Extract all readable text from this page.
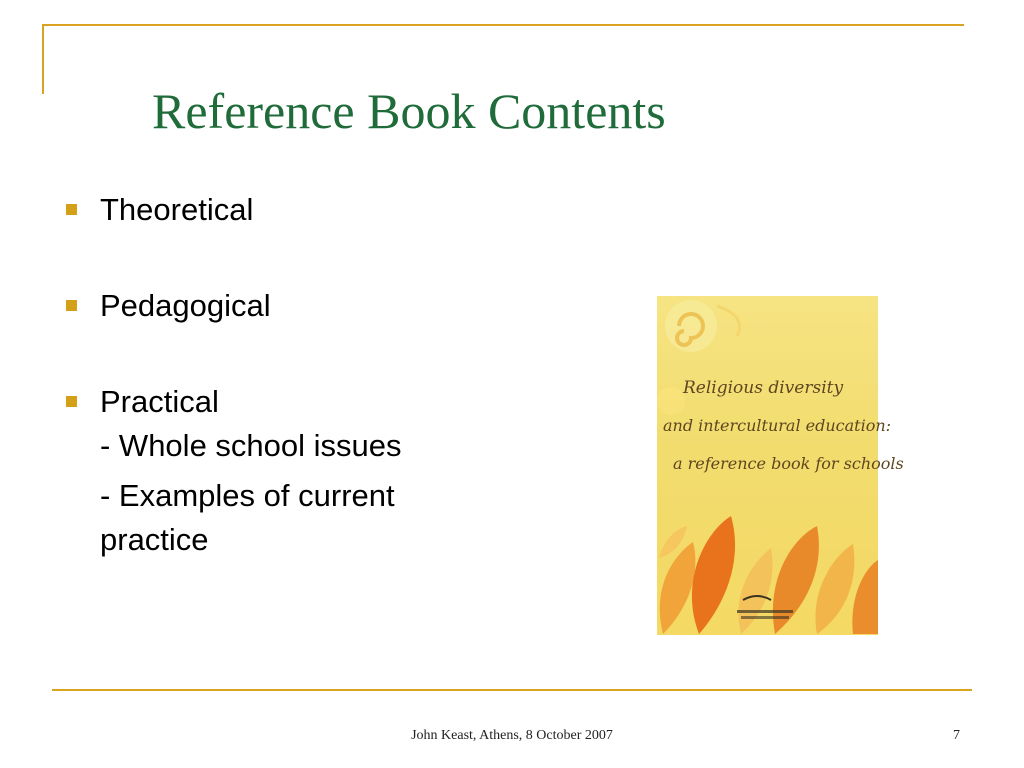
Reference Book Contents
Theoretical
Pedagogical
Practical
- Whole school issues
- Examples of current practice
Religious diversity
and intercultural education:
a reference book for schools
John Keast, Athens, 8 October 2007	7
